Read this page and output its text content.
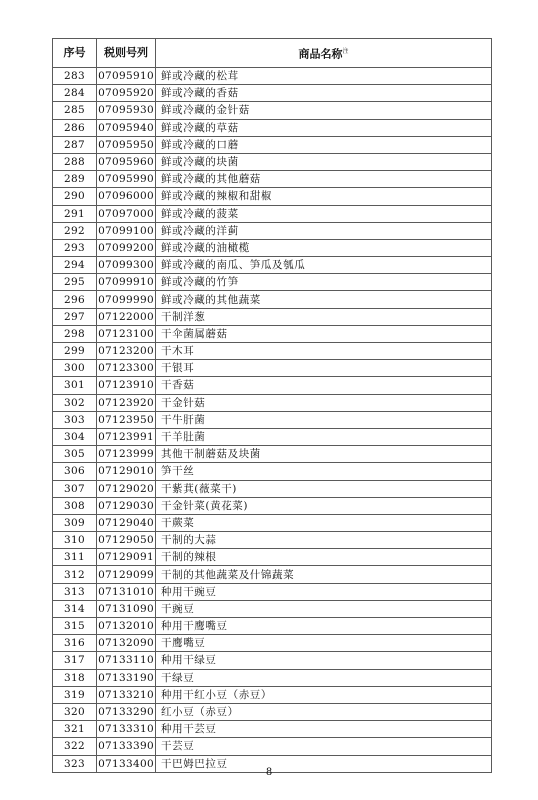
序号	税则号列	商品名称$^注$
283	07095910	鲜或冷藏的松茸
284	07095920	鲜或冷藏的香菇
285	07095930	鲜或冷藏的金针菇
286	07095940	鲜或冷藏的草菇
287	07095950	鲜或冷藏的口蘑
288	07095960	鲜或冷藏的块菌
289	07095990	鲜或冷藏的其他蘑菇
290	07096000	鲜或冷藏的辣椒和甜椒
291	07097000	鲜或冷藏的菠菜
292	07099100	鲜或冷藏的洋蓟
293	07099200	鲜或冷藏的油橄榄
294	07099300	鲜或冷藏的南瓜、笋瓜及瓠瓜
295	07099910	鲜或冷藏的竹笋
296	07099990	鲜或冷藏的其他蔬菜
297	07122000	干制洋葱
298	07123100	干伞菌属蘑菇
299	07123200	干木耳
300	07123300	干银耳
301	07123910	干香菇
302	07123920	干金针菇
303	07123950	干牛肝菌
304	07123991	干羊肚菌
305	07123999	其他干制蘑菇及块菌
306	07129010	笋干丝
307	07129020	干紫萁(薇菜干)
308	07129030	干金针菜(黄花菜)
309	07129040	干蕨菜
310	07129050	干制的大蒜
311	07129091	干制的辣根
312	07129099	干制的其他蔬菜及什锦蔬菜
313	07131010	种用干豌豆
314	07131090	干豌豆
315	07132010	种用干鹰嘴豆
316	07132090	干鹰嘴豆
317	07133110	种用干绿豆
318	07133190	干绿豆
319	07133210	种用干红小豆（赤豆）
320	07133290	红小豆（赤豆）
321	07133310	种用干芸豆
322	07133390	干芸豆
323	07133400	干巴姆巴拉豆
8
